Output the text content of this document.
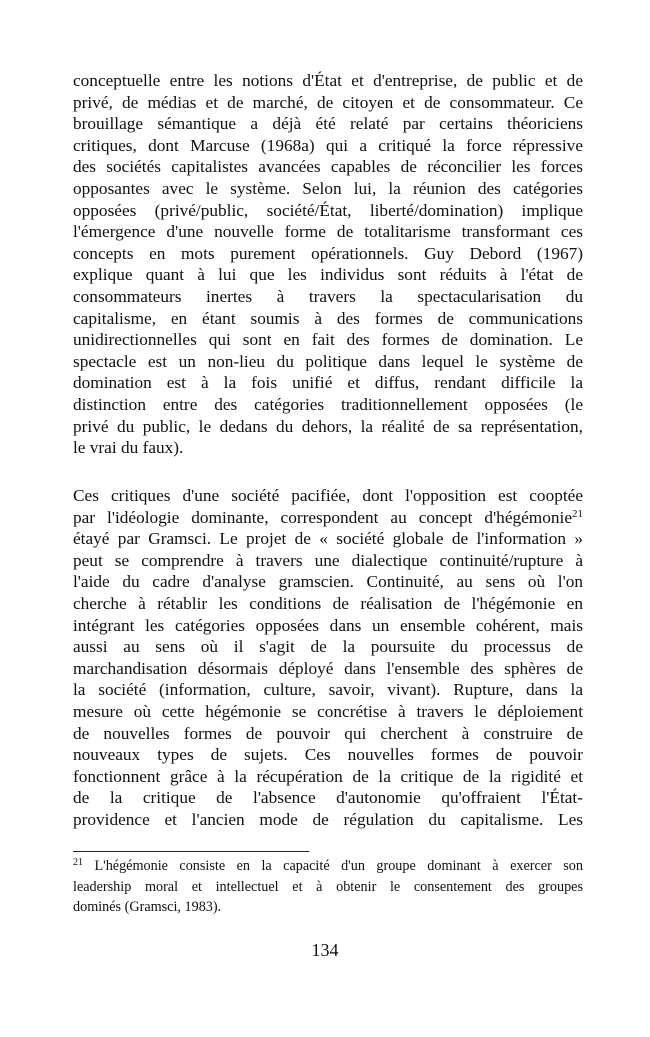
conceptuelle entre les notions d'État et d'entreprise, de public et de
privé, de médias et de marché, de citoyen et de consommateur. Ce
brouillage sémantique a déjà été relaté par certains théoriciens
critiques, dont Marcuse (1968a) qui a critiqué la force répressive
des sociétés capitalistes avancées capables de réconcilier les forces
opposantes avec le système. Selon lui, la réunion des catégories
opposées (privé/public, société/État, liberté/domination) implique
l'émergence d'une nouvelle forme de totalitarisme transformant ces
concepts en mots purement opérationnels. Guy Debord (1967)
explique quant à lui que les individus sont réduits à l'état de
consommateurs inertes à travers la spectacularisation du
capitalisme, en étant soumis à des formes de communications
unidirectionnelles qui sont en fait des formes de domination. Le
spectacle est un non-lieu du politique dans lequel le système de
domination est à la fois unifié et diffus, rendant difficile la
distinction entre des catégories traditionnellement opposées (le
privé du public, le dedans du dehors, la réalité de sa représentation,
le vrai du faux).
Ces critiques d'une société pacifiée, dont l'opposition est cooptée
par l'idéologie dominante, correspondent au concept d'hégémonie$^{21}$
étayé par Gramsci. Le projet de « société globale de l'information »
peut se comprendre à travers une dialectique continuité/rupture à
l'aide du cadre d'analyse gramscien. Continuité, au sens où l'on
cherche à rétablir les conditions de réalisation de l'hégémonie en
intégrant les catégories opposées dans un ensemble cohérent, mais
aussi au sens où il s'agit de la poursuite du processus de
marchandisation désormais déployé dans l'ensemble des sphères de
la société (information, culture, savoir, vivant). Rupture, dans la
mesure où cette hégémonie se concrétise à travers le déploiement
de nouvelles formes de pouvoir qui cherchent à construire de
nouveaux types de sujets. Ces nouvelles formes de pouvoir
fonctionnent grâce à la récupération de la critique de la rigidité et
de la critique de l'absence d'autonomie qu'offraient l'État-
providence et l'ancien mode de régulation du capitalisme. Les
$^{21}$ L'hégémonie consiste en la capacité d'un groupe dominant à exercer son
leadership moral et intellectuel et à obtenir le consentement des groupes
dominés (Gramsci, 1983).
134
